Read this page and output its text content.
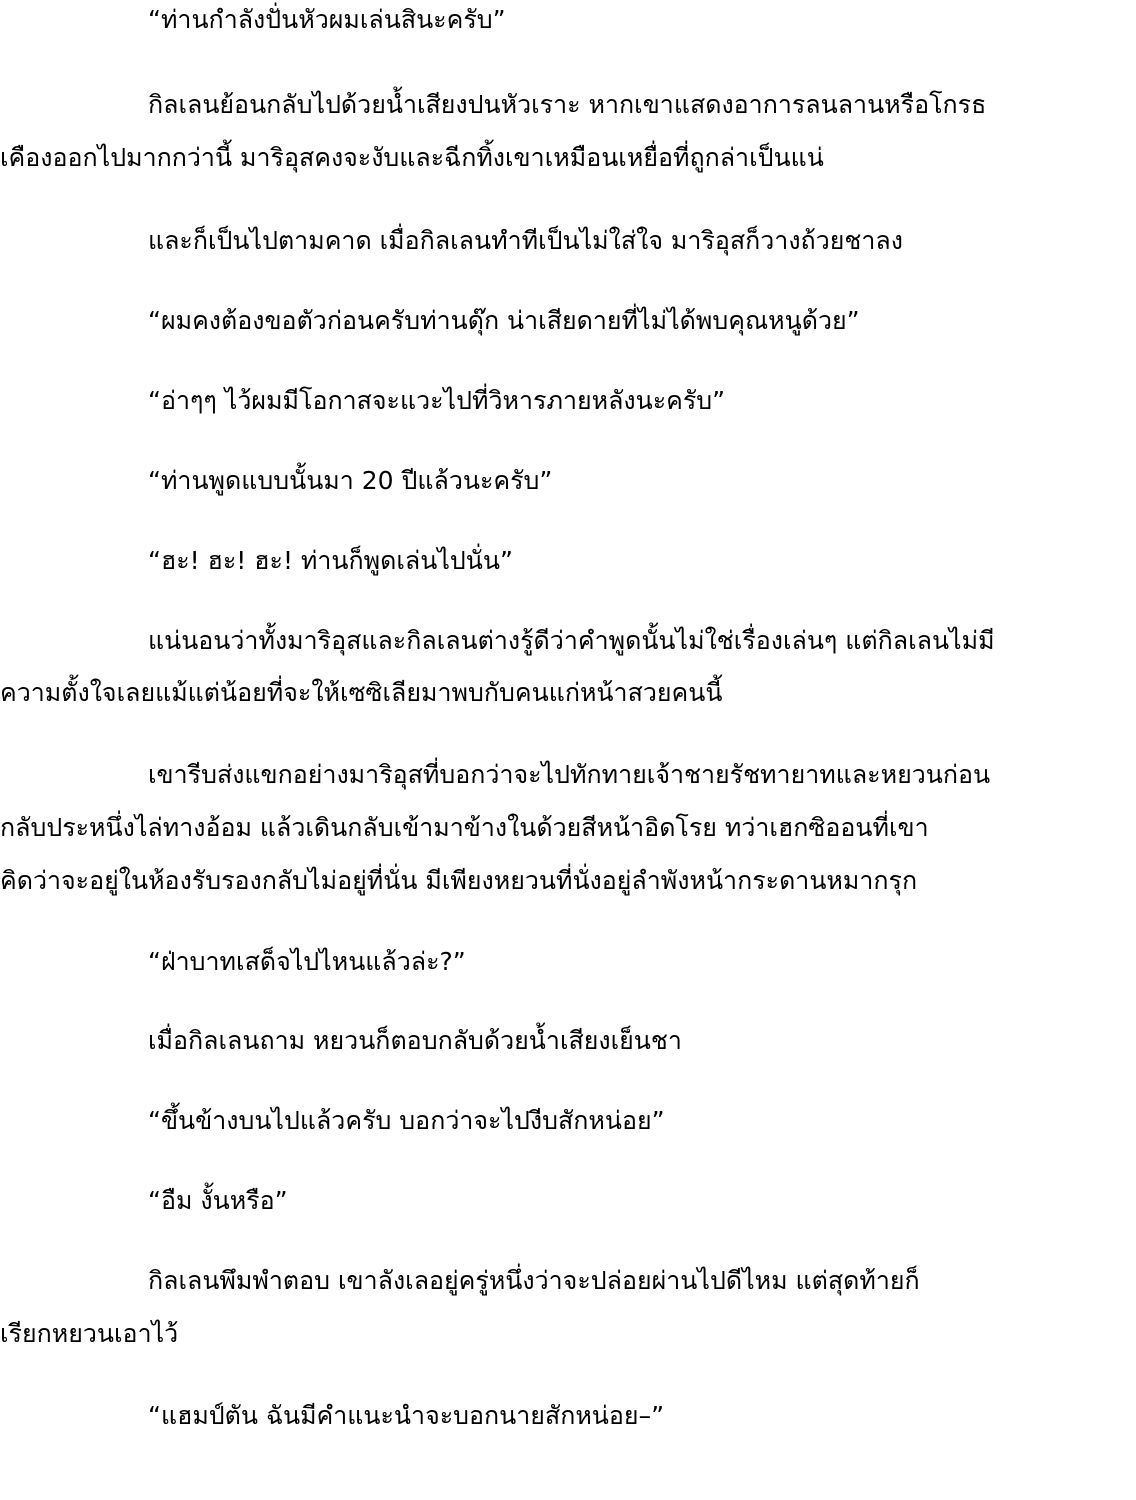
“ท่านกำลังปั่นหัวผมเล่นสินะครับ”
กิลเลนย้อนกลับไปด้วยน้ำเสียงปนหัวเราะ หากเขาแสดงอาการลนลานหรือโกรธ
เคืองออกไปมากกว่านี้ มาริอุสคงจะงับและฉีกทิ้งเขาเหมือนเหยื่อที่ถูกล่าเป็นแน่
และก็เป็นไปตามคาด เมื่อกิลเลนทำทีเป็นไม่ใส่ใจ มาริอุสก็วางถ้วยชาลง
“ผมคงต้องขอตัวก่อนครับท่านดุ๊ก น่าเสียดายที่ไม่ได้พบคุณหนูด้วย”
“อ่าๆๆ ไว้ผมมีโอกาสจะแวะไปที่วิหารภายหลังนะครับ”
“ท่านพูดแบบนั้นมา 20 ปีแล้วนะครับ”
“ฮะ! ฮะ! ฮะ! ท่านก็พูดเล่นไปนั่น”
แน่นอนว่าทั้งมาริอุสและกิลเลนต่างรู้ดีว่าคำพูดนั้นไม่ใช่เรื่องเล่นๆ แต่กิลเลนไม่มี
ความตั้งใจเลยแม้แต่น้อยที่จะให้เซซิเลียมาพบกับคนแก่หน้าสวยคนนี้
เขารีบส่งแขกอย่างมาริอุสที่บอกว่าจะไปทักทายเจ้าชายรัชทายาทและหยวนก่อน
กลับประหนึ่งไล่ทางอ้อม แล้วเดินกลับเข้ามาข้างในด้วยสีหน้าอิดโรย ทว่าเฮกซิออนที่เขา
คิดว่าจะอยู่ในห้องรับรองกลับไม่อยู่ที่นั่น มีเพียงหยวนที่นั่งอยู่ลำพังหน้ากระดานหมากรุก
“ฝ่าบาทเสด็จไปไหนแล้วล่ะ?”
เมื่อกิลเลนถาม หยวนก็ตอบกลับด้วยน้ำเสียงเย็นชา
“ขึ้นข้างบนไปแล้วครับ บอกว่าจะไปงีบสักหน่อย”
“อืม งั้นหรือ”
กิลเลนพึมพำตอบ เขาลังเลอยู่ครู่หนึ่งว่าจะปล่อยผ่านไปดีไหม แต่สุดท้ายก็
เรียกหยวนเอาไว้
“แฮมป์ตัน ฉันมีคำแนะนำจะบอกนายสักหน่อย–”
